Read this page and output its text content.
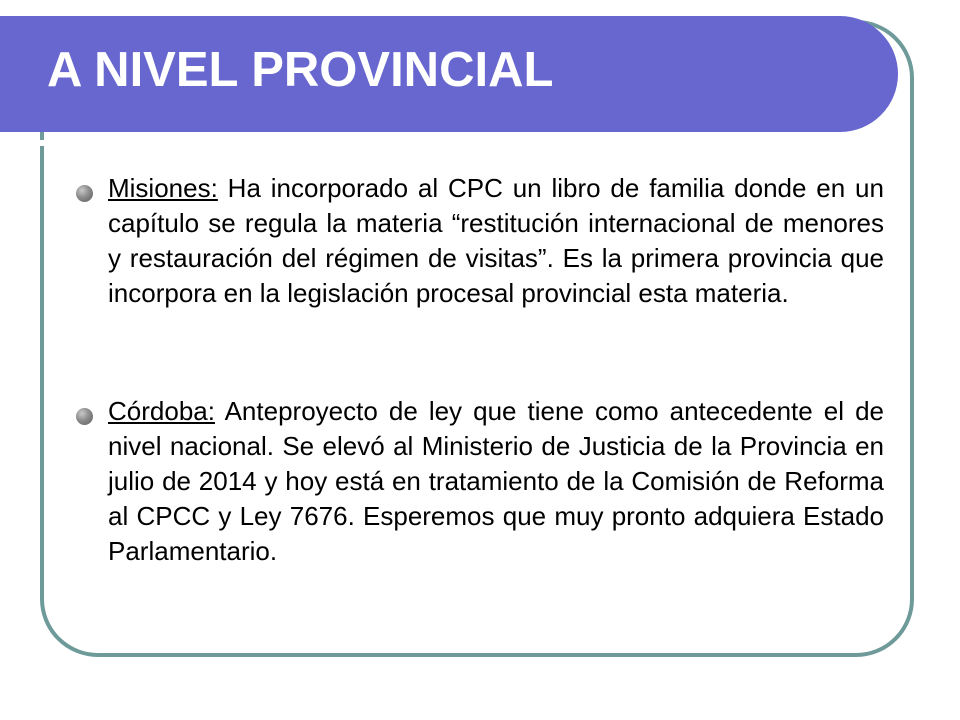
A NIVEL PROVINCIAL
Misiones: Ha incorporado al CPC un libro de familia donde en un capítulo se regula la materia “restitución internacional de menores y restauración del régimen de visitas”. Es la primera provincia que incorpora en la legislación procesal provincial esta materia.
Córdoba: Anteproyecto de ley que tiene como antecedente el de nivel nacional. Se elevó al Ministerio de Justicia de la Provincia en julio de 2014 y hoy está en tratamiento de la Comisión de Reforma al CPCC y Ley 7676. Esperemos que muy pronto adquiera Estado Parlamentario.
